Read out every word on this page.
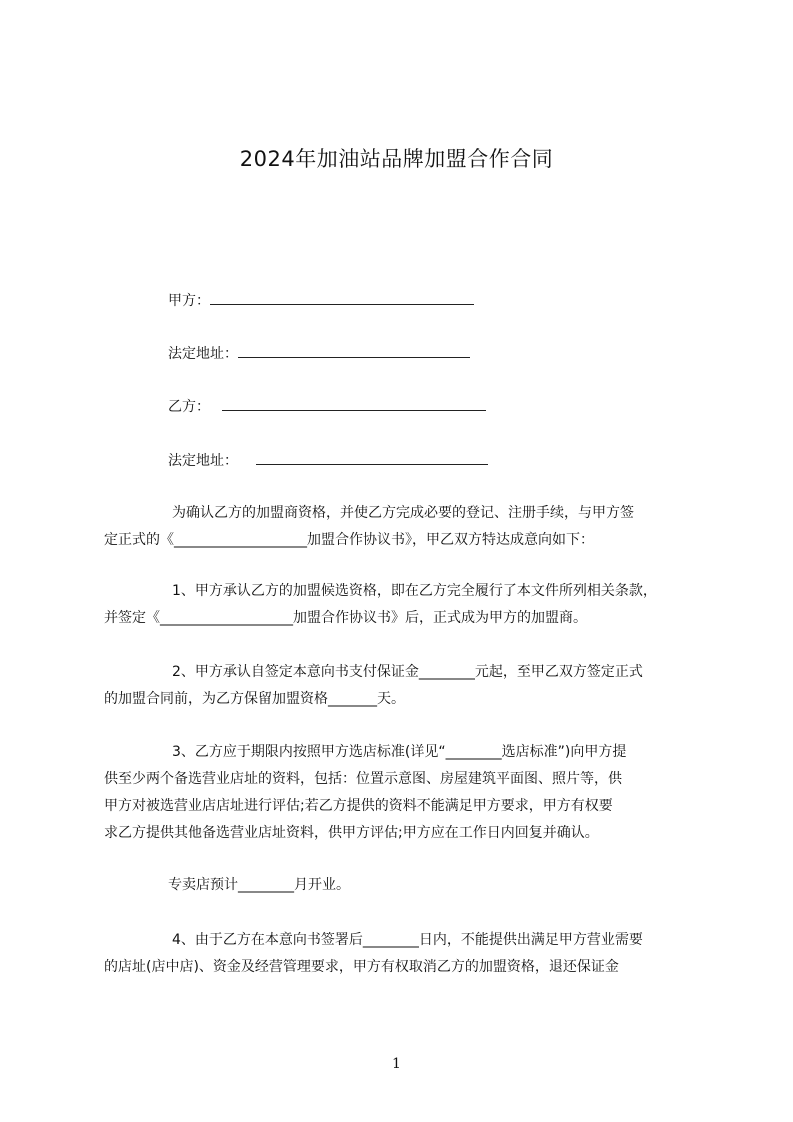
2024年加油站品牌加盟合作合同
甲方：
法定地址：
乙方：
法定地址：
为确认乙方的加盟商资格，并使乙方完成必要的登记、注册手续，与甲方签
定正式的《___________________加盟合作协议书》，甲乙双方特达成意向如下：
1、甲方承认乙方的加盟候选资格，即在乙方完全履行了本文件所列相关条款，
并签定《___________________加盟合作协议书》后，正式成为甲方的加盟商。
2、甲方承认自签定本意向书支付保证金________元起，至甲乙双方签定正式
的加盟合同前，为乙方保留加盟资格_______天。
3、乙方应于期限内按照甲方选店标准(详见“________选店标准”)向甲方提
供至少两个备选营业店址的资料，包括：位置示意图、房屋建筑平面图、照片等，供
甲方对被选营业店店址进行评估;若乙方提供的资料不能满足甲方要求，甲方有权要
求乙方提供其他备选营业店址资料，供甲方评估;甲方应在工作日内回复并确认。
专卖店预计________月开业。
4、由于乙方在本意向书签署后________日内，不能提供出满足甲方营业需要
的店址(店中店)、资金及经营管理要求，甲方有权取消乙方的加盟资格，退还保证金
1
